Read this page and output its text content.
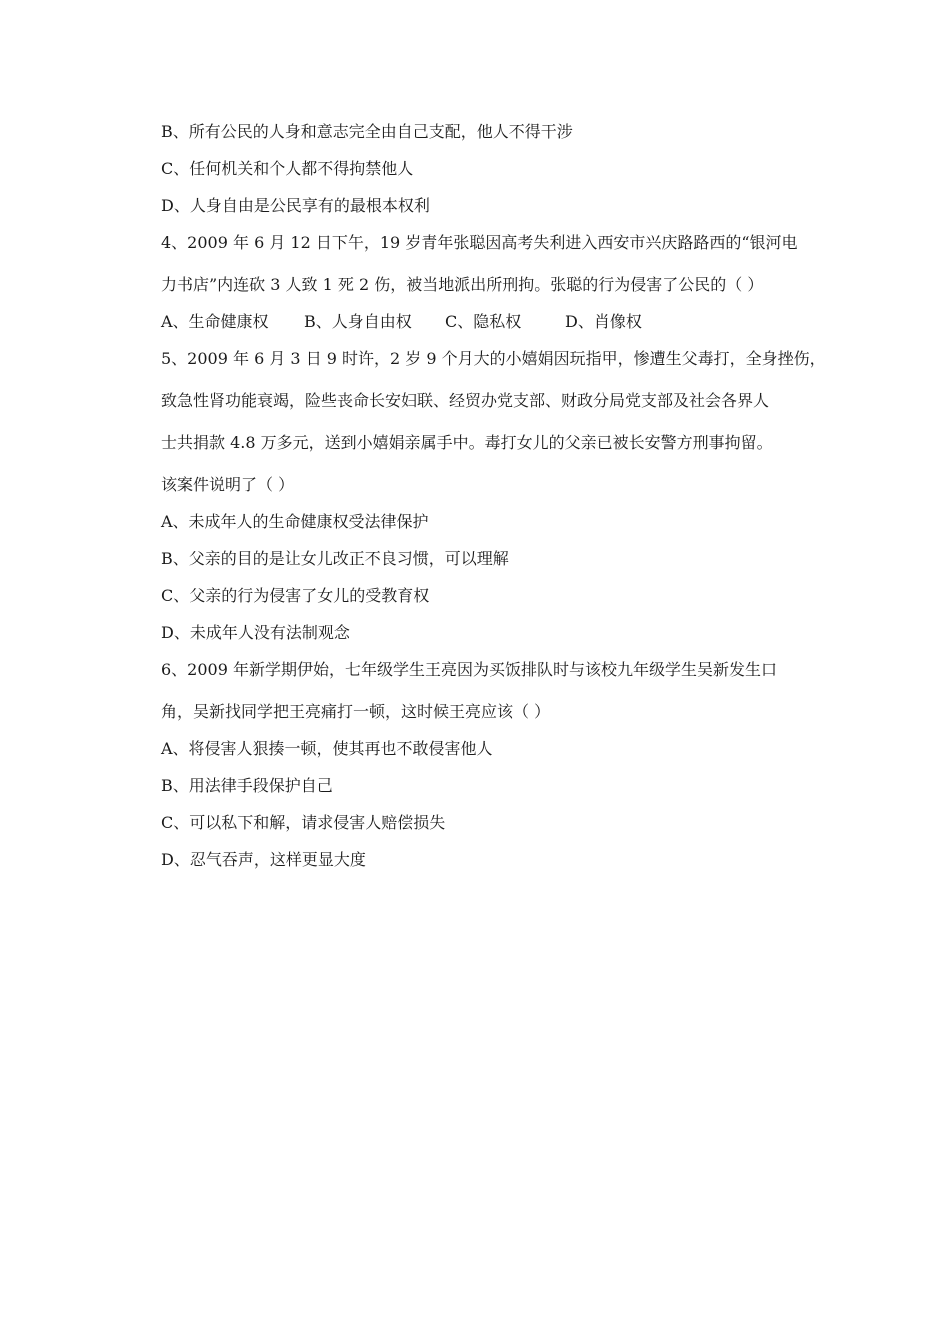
B、所有公民的人身和意志完全由自己支配，他人不得干涉

C、任何机关和个人都不得拘禁他人

D、人身自由是公民享有的最根本权利

4、2009 年 6 月 12 日下午，19 岁青年张聪因高考失利进入西安市兴庆路路西的“银河电

力书店”内连砍 3 人致 1 死 2 伤，被当地派出所刑拘。张聪的行为侵害了公民的（ ）

A、生命健康权 B、人身自由权 C、隐私权	D、肖像权

5、2009 年 6 月 3 日 9 时许，2 岁 9 个月大的小嬉娟因玩指甲，惨遭生父毒打，全身挫伤，

致急性肾功能衰竭，险些丧命长安妇联、经贸办党支部、财政分局党支部及社会各界人

士共捐款 4.8 万多元，送到小嬉娟亲属手中。毒打女儿的父亲已被长安警方刑事拘留。

该案件说明了（ ）

A、未成年人的生命健康权受法律保护

B、父亲的目的是让女儿改正不良习惯，可以理解

C、父亲的行为侵害了女儿的受教育权

D、未成年人没有法制观念

6、2009 年新学期伊始，七年级学生王亮因为买饭排队时与该校九年级学生吴新发生口

角，吴新找同学把王亮痛打一顿，这时候王亮应该（ ）

A、将侵害人狠揍一顿，使其再也不敢侵害他人

B、用法律手段保护自己

C、可以私下和解，请求侵害人赔偿损失

D、忍气吞声，这样更显大度
